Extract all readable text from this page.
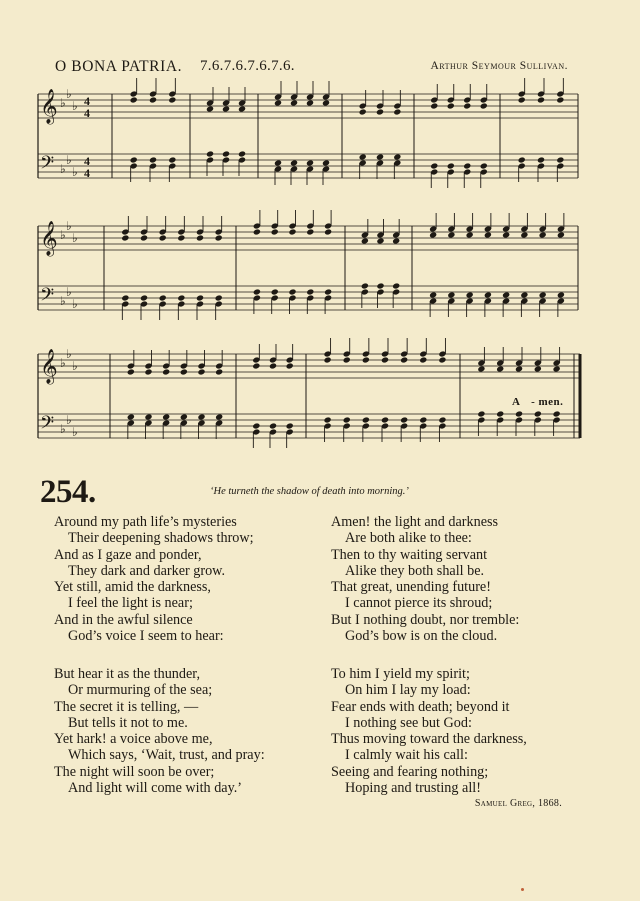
O BONA PATRIA. 7.6.7.6.7.6.7.6.	Arthur Seymour Sullivan.
𝄞 ♭
♭
♭ 4
4
𝄢 ♭
♭
♭
4
4
𝄞 ♭
♭
♭
𝄢 ♭
♭
♭
𝄞 ♭
♭
♭
𝄢 ♭
♭
♭
A - men.
254.	‘He turneth the shadow of death into morning.’
Around my path life’s mysteries
Their deepening shadows throw;
And as I gaze and ponder,
They dark and darker grow.
Yet still, amid the darkness,
I feel the light is near;
And in the awful silence
God’s voice I seem to hear:
But hear it as the thunder,
Or murmuring of the sea;
The secret it is telling, —
But tells it not to me.
Yet hark! a voice above me,
Which says, ‘Wait, trust, and pray:
The night will soon be over;
And light will come with day.’
Amen! the light and darkness
Are both alike to thee:
Then to thy waiting servant
Alike they both shall be.
That great, unending future!
I cannot pierce its shroud;
But I nothing doubt, nor tremble:
God’s bow is on the cloud.
To him I yield my spirit;
On him I lay my load:
Fear ends with death; beyond it
I nothing see but God:
Thus moving toward the darkness,
I calmly wait his call:
Seeing and fearing nothing;
Hoping and trusting all!
Samuel Greg, 1868.
